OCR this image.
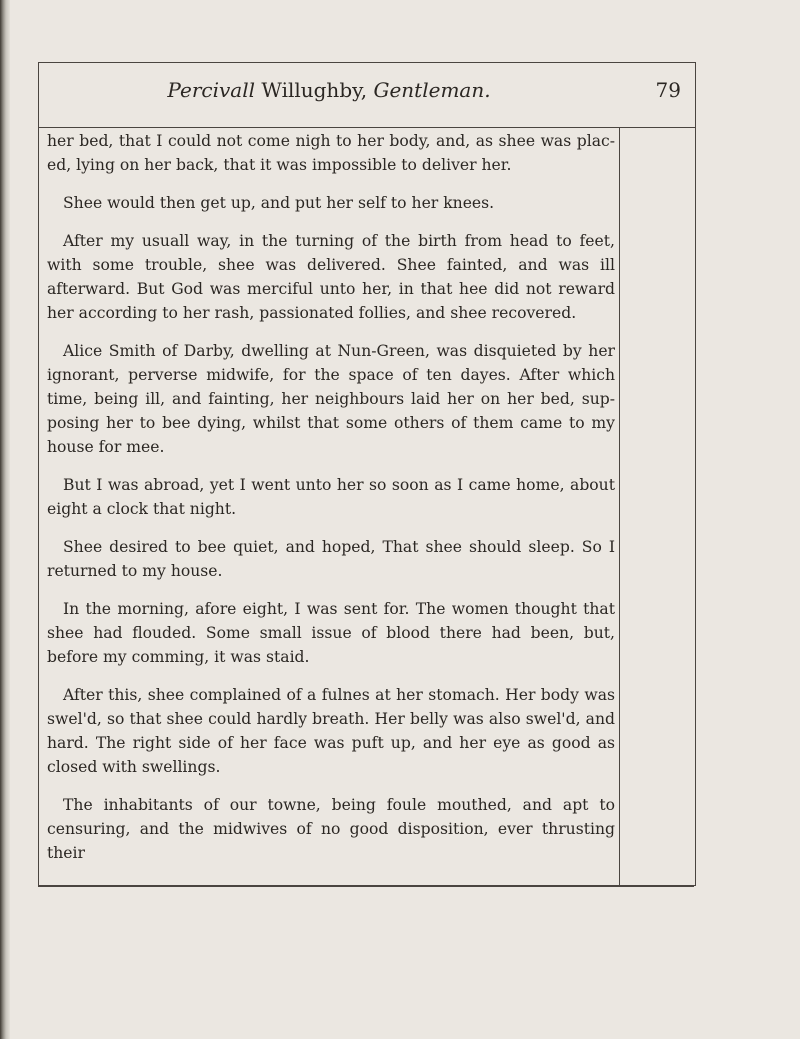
Percivall Willughby, Gentleman.	79

her bed, that I could not come nigh to her body, and, as shee was plac-ed, lying on her back, that it was impossible to deliver her.

Shee would then get up, and put her self to her knees.

After my usuall way, in the turning of the birth from head to feet, with some trouble, shee was delivered. Shee fainted, and was ill afterward. But God was merciful unto her, in that hee did not reward her according to her rash, passionated follies, and shee recovered.

Alice Smith of Darby, dwelling at Nun-Green, was disquieted by her ignorant, perverse midwife, for the space of ten dayes. After which time, being ill, and fainting, her neighbours laid her on her bed, sup-posing her to bee dying, whilst that some others of them came to my house for mee.

But I was abroad, yet I went unto her so soon as I came home, about eight a clock that night.

Shee desired to bee quiet, and hoped, That shee should sleep. So I returned to my house.

In the morning, afore eight, I was sent for. The women thought that shee had flouded. Some small issue of blood there had been, but, before my comming, it was staid.

After this, shee complained of a fulnes at her stomach. Her body was swel'd, so that shee could hardly breath. Her belly was also swel'd, and hard. The right side of her face was puft up, and her eye as good as closed with swellings.

The inhabitants of our towne, being foule mouthed, and apt to censuring, and the midwives of no good disposition, ever thrusting their
